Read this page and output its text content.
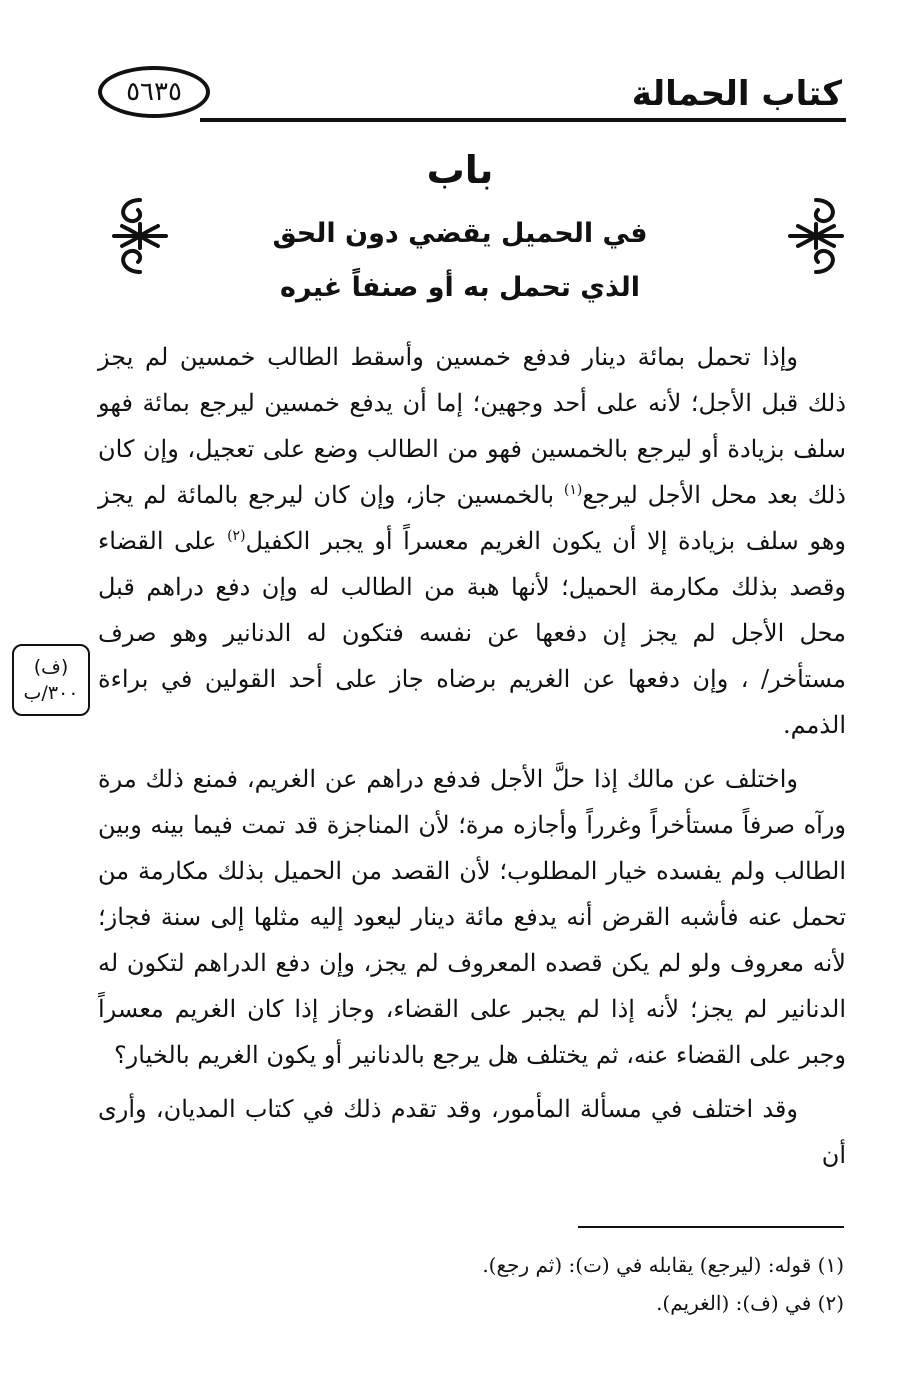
٥٦٣٥	كتاب الحمالة
باب
في الحميل يقضي دون الحق
الذي تحمل به أو صنفاً غيره

وإذا تحمل بمائة دينار فدفع خمسين وأسقط الطالب خمسين لم يجز ذلك قبل الأجل؛ لأنه على أحد وجهين؛ إما أن يدفع خمسين ليرجع بمائة فهو سلف بزيادة أو ليرجع بالخمسين فهو من الطالب وضع على تعجيل، وإن كان ذلك بعد محل الأجل ليرجع$^{(١)}$ بالخمسين جاز، وإن كان ليرجع بالمائة لم يجز وهو سلف بزيادة إلا أن يكون الغريم معسراً أو يجبر الكفيل$^{(٢)}$ على القضاء وقصد بذلك مكارمة الحميل؛ لأنها هبة من الطالب له وإن دفع دراهم قبل محل الأجل لم يجز إن دفعها عن نفسه فتكون له الدنانير وهو صرف مستأخر/ ، وإن دفعها عن الغريم برضاه جاز على أحد القولين في براءة الذمم.

واختلف عن مالك إذا حلَّ الأجل فدفع دراهم عن الغريم، فمنع ذلك مرة ورآه صرفاً مستأخراً وغرراً وأجازه مرة؛ لأن المناجزة قد تمت فيما بينه وبين الطالب ولم يفسده خيار المطلوب؛ لأن القصد من الحميل بذلك مكارمة من تحمل عنه فأشبه القرض أنه يدفع مائة دينار ليعود إليه مثلها إلى سنة فجاز؛ لأنه معروف ولو لم يكن قصده المعروف لم يجز، وإن دفع الدراهم لتكون له الدنانير لم يجز؛ لأنه إذا لم يجبر على القضاء، وجاز إذا كان الغريم معسراً وجبر على القضاء عنه، ثم يختلف هل يرجع بالدنانير أو يكون الغريم بالخيار؟

وقد اختلف في مسألة المأمور، وقد تقدم ذلك في كتاب المديان، وأرى أن

(ف)
٣٠٠/ب
(١) قوله: (ليرجع) يقابله في (ت): (ثم رجع).
(٢) في (ف): (الغريم).
